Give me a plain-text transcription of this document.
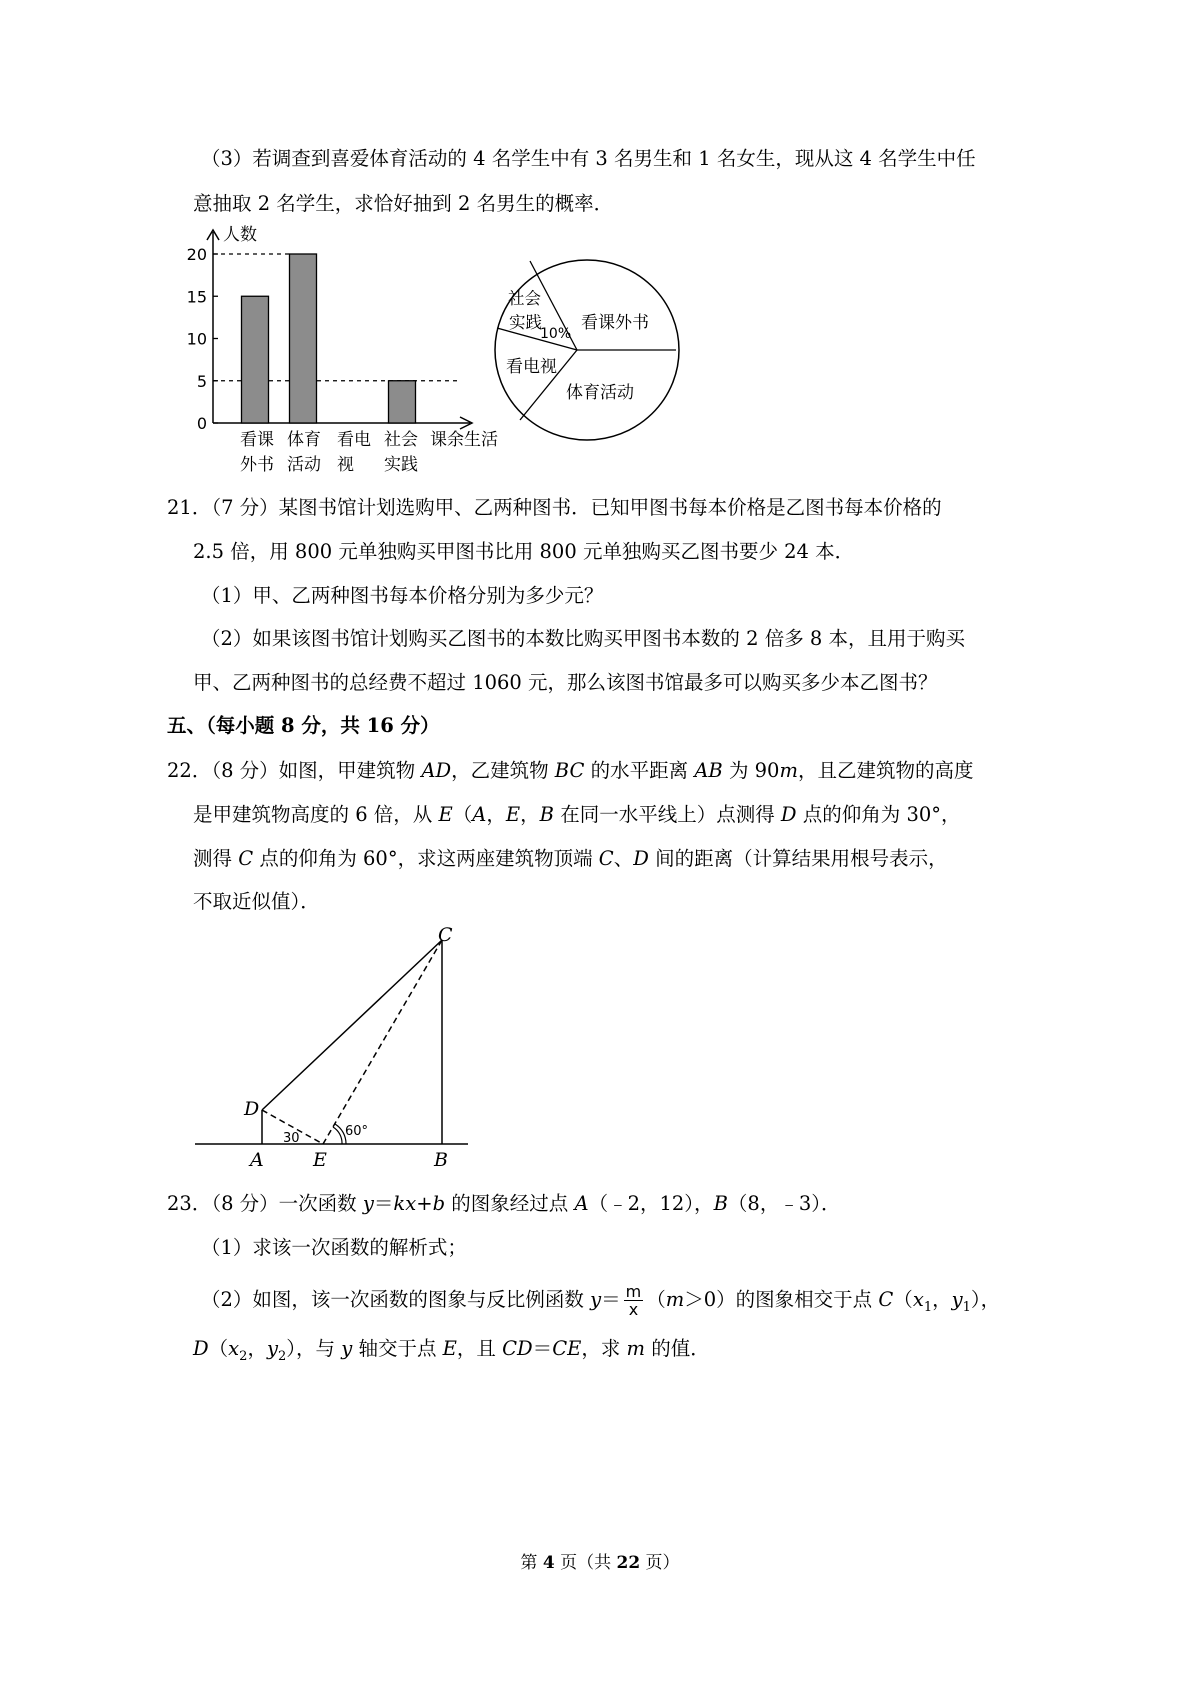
（3）若调查到喜爱体育活动的 4 名学生中有 3 名男生和 1 名女生，现从这 4 名学生中任
意抽取 2 名学生，求恰好抽到 2 名男生的概率．
0
5
10
15
20
人数
课余生活
看课
外书
体育
活动
看电
视
社会
实践
社会
实践
10%
看课外书
看电视
体育活动
21．（7 分）某图书馆计划选购甲、乙两种图书．已知甲图书每本价格是乙图书每本价格的
2.5 倍，用 800 元单独购买甲图书比用 800 元单独购买乙图书要少 24 本．
（1）甲、乙两种图书每本价格分别为多少元？
（2）如果该图书馆计划购买乙图书的本数比购买甲图书本数的 2 倍多 8 本，且用于购买
甲、乙两种图书的总经费不超过 1060 元，那么该图书馆最多可以购买多少本乙图书？
五、（每小题 8 分，共 16 分）
22．（8 分）如图，甲建筑物 AD，乙建筑物 BC 的水平距离 AB 为 90m，且乙建筑物的高度
是甲建筑物高度的 6 倍，从 E（A，E，B 在同一水平线上）点测得 D 点的仰角为 30°，
测得 C 点的仰角为 60°，求这两座建筑物顶端 C、D 间的距离（计算结果用根号表示，
不取近似值）．
C
D
A	E	B
30	60°
23．（8 分）一次函数 y＝kx+b 的图象经过点 A（﹣2，12），B（8，﹣3）．
（1）求该一次函数的解析式；
（2）如图，该一次函数的图象与反比例函数 $y= \frac{m}{x} (m>0)$的图象相交于点 $C(x_1$，$y_1$），
$D(x_2$，$y_2$），与 y 轴交于点 E，且 CD＝CE，求 m 的值．
第 4 页（共 22 页）
